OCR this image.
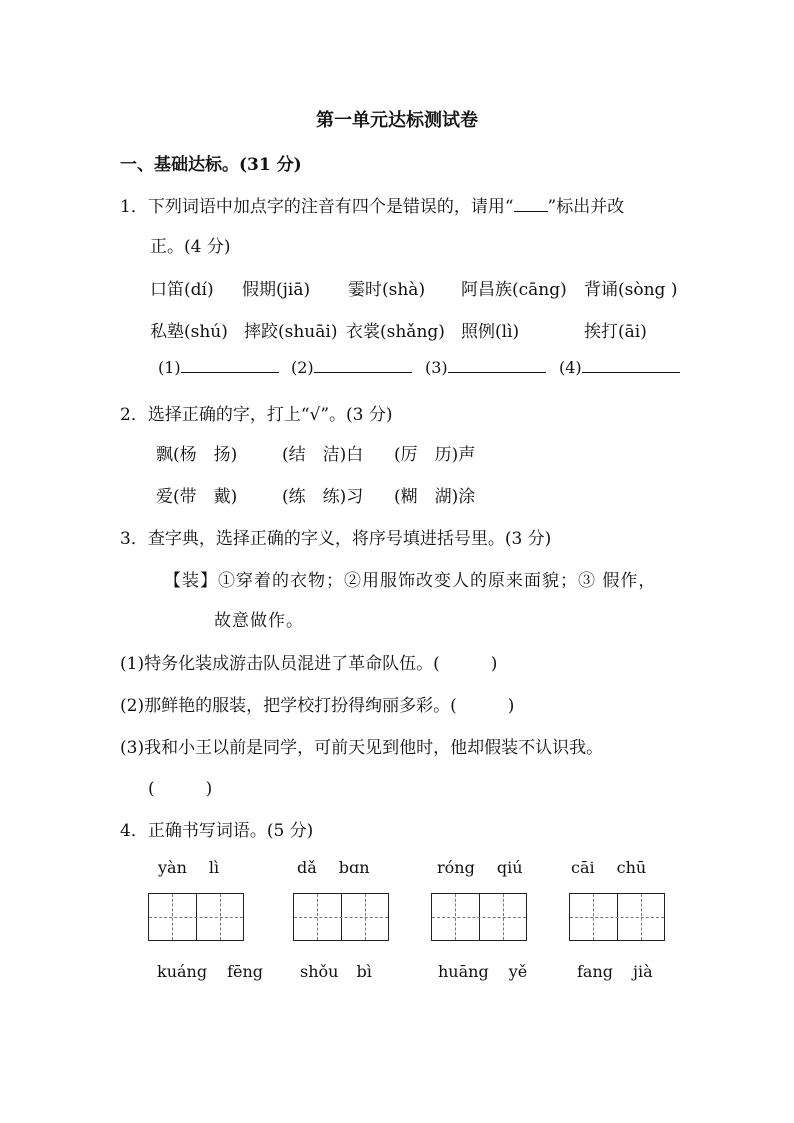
第一单元达标测试卷
一、基础达标。(31 分)
1．下列词语中加点字的注音有四个是错误的，请用“ ”标出并改
正。(4 分)
口笛(dí) 假期(jiā) 霎时(shà) 阿昌族(cāng) 背诵(sòng )
私塾(shú) 摔跤(shuāi) 衣裳(shǎng) 照例(lì)	挨打(āi)
(1)	(2)	(3)	(4)
2．选择正确的字，打上“√”。(3 分)
飘(杨　扬)	(结　洁)白 (厉　历)声
爱(带　戴)	(练　练)习 (糊　湖)涂
3．查字典，选择正确的字义，将序号填进括号里。(3 分)
【装】①穿着的衣物；②用服饰改变人的原来面貌；③ 假作，
故意做作。
(1)特务化装成游击队员混进了革命队伍。(　　　)
(2)那鲜艳的服装，把学校打扮得绚丽多彩。(　　　)
(3)我和小王以前是同学，可前天见到他时，他却假装不认识我。
(　　　)
4．正确书写词语。(5 分)
yàn lì	dǎ bɑn	róng qiú	cāi chū
kuáng fēng shǒu bì	huāng yě	fang jià
